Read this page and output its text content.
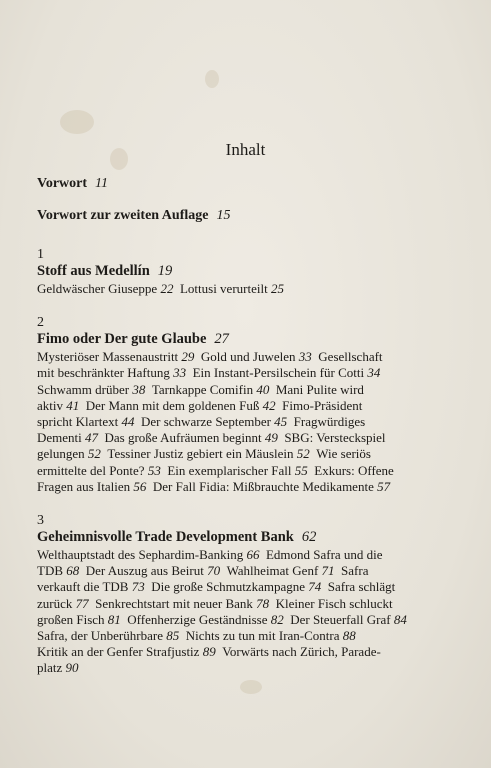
Inhalt
Vorwort 11
Vorwort zur zweiten Auflage 15
1
Stoff aus Medellín 19
Geldwäscher Giuseppe 22  Lottusi verurteilt 25
2
Fimo oder Der gute Glaube 27
Mysteriöser Massenaustritt 29  Gold und Juwelen 33  Gesellschaft
mit beschränkter Haftung 33  Ein Instant-Persilschein für Cotti 34
Schwamm drüber 38  Tarnkappe Comifin 40  Mani Pulite wird
aktiv 41  Der Mann mit dem goldenen Fuß 42  Fimo-Präsident
spricht Klartext 44  Der schwarze September 45  Fragwürdiges
Dementi 47  Das große Aufräumen beginnt 49  SBG: Versteckspiel
gelungen 52  Tessiner Justiz gebiert ein Mäuslein 52  Wie seriös
ermittelte del Ponte? 53  Ein exemplarischer Fall 55  Exkurs: Offene
Fragen aus Italien 56  Der Fall Fidia: Mißbrauchte Medikamente 57
3
Geheimnisvolle Trade Development Bank 62
Welthauptstadt des Sephardim-Banking 66  Edmond Safra und die
TDB 68  Der Auszug aus Beirut 70  Wahlheimat Genf 71  Safra
verkauft die TDB 73  Die große Schmutzkampagne 74  Safra schlägt
zurück 77  Senkrechtstart mit neuer Bank 78  Kleiner Fisch schluckt
großen Fisch 81  Offenherzige Geständnisse 82  Der Steuerfall Graf 84
Safra, der Unberührbare 85  Nichts zu tun mit Iran-Contra 88
Kritik an der Genfer Strafjustiz 89  Vorwärts nach Zürich, Parade-
platz 90
